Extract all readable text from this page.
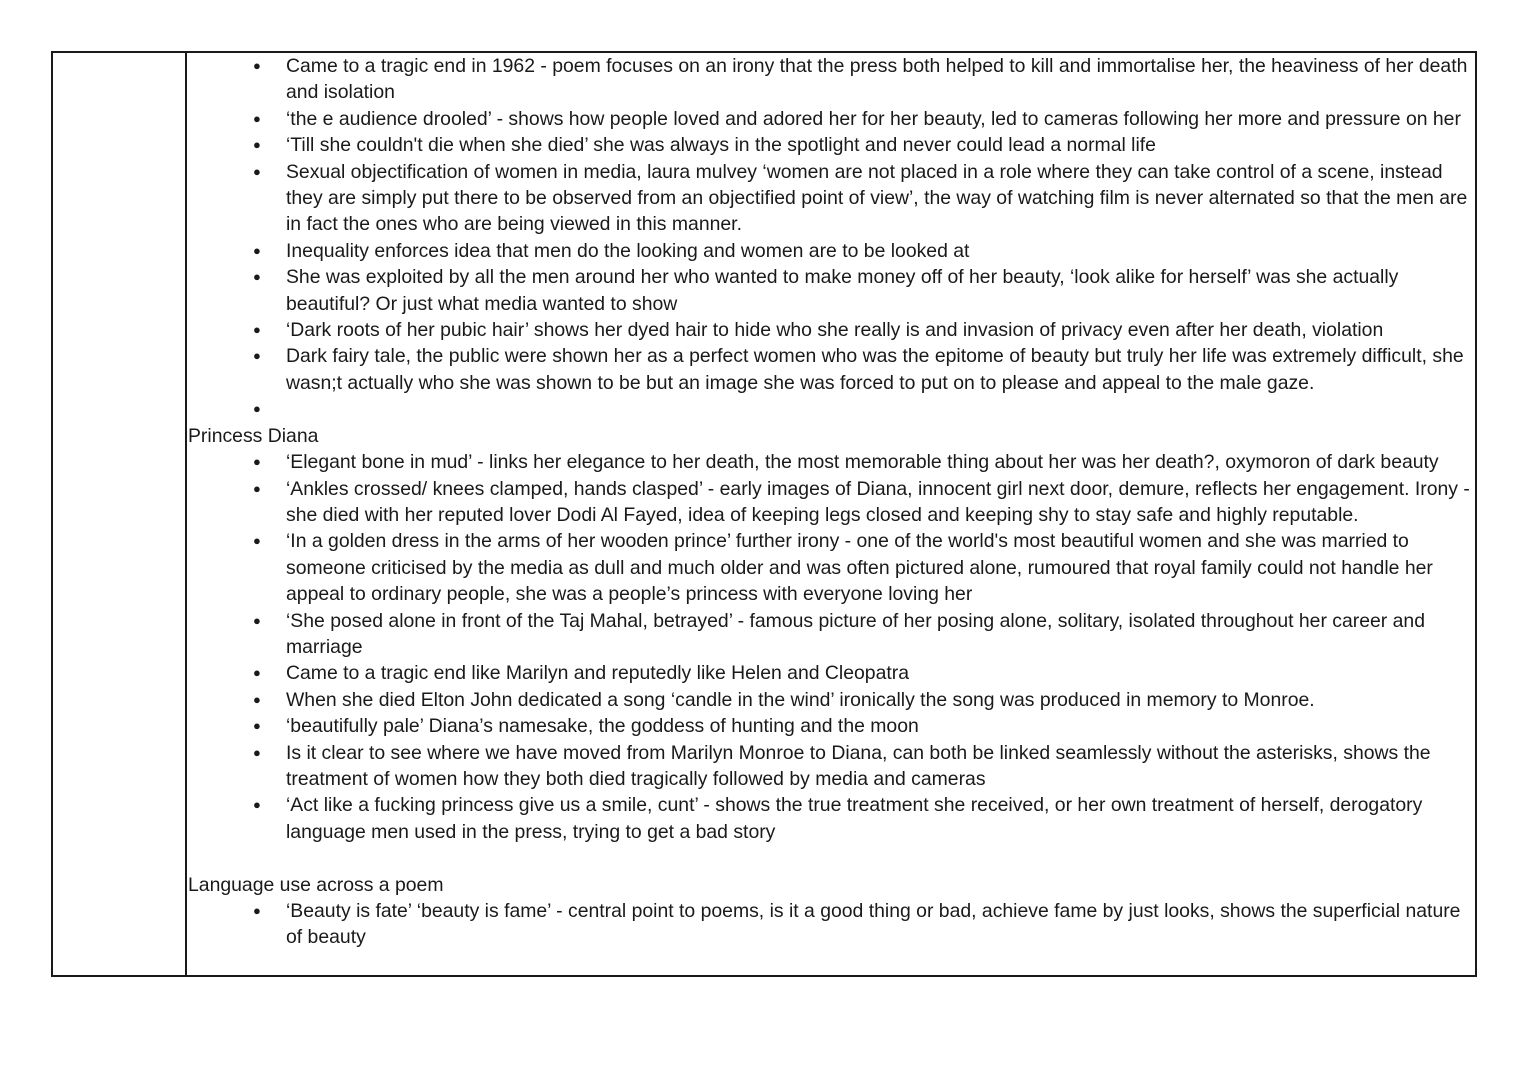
● Came to a tragic end in 1962 - poem focuses on an irony that the press both helped to kill and immortalise her, the heaviness of her death and isolation
● ‘the e audience drooled’ - shows how people loved and adored her for her beauty, led to cameras following her more and pressure on her
● ‘Till she couldn't die when she died’ she was always in the spotlight and never could lead a normal life
● Sexual objectification of women in media, laura mulvey ‘women are not placed in a role where they can take control of a scene, instead they are simply put there to be observed from an objectified point of view’, the way of watching film is never alternated so that the men are in fact the ones who are being viewed in this manner.
● Inequality enforces idea that men do the looking and women are to be looked at
● She was exploited by all the men around her who wanted to make money off of her beauty, ‘look alike for herself’ was she actually beautiful? Or just what media wanted to show
● ‘Dark roots of her pubic hair’ shows her dyed hair to hide who she really is and invasion of privacy even after her death, violation
● Dark fairy tale, the public were shown her as a perfect women who was the epitome of beauty but truly her life was extremely difficult, she wasn;t actually who she was shown to be but an image she was forced to put on to please and appeal to the male gaze.
●
Princess Diana
● ‘Elegant bone in mud’ - links her elegance to her death, the most memorable thing about her was her death?, oxymoron of dark beauty
● ‘Ankles crossed/ knees clamped, hands clasped’ - early images of Diana, innocent girl next door, demure, reflects her engagement. Irony - she died with her reputed lover Dodi Al Fayed, idea of keeping legs closed and keeping shy to stay safe and highly reputable.
● ‘In a golden dress in the arms of her wooden prince’ further irony - one of the world's most beautiful women and she was married to someone criticised by the media as dull and much older and was often pictured alone, rumoured that royal family could not handle her appeal to ordinary people, she was a people’s princess with everyone loving her
● ‘She posed alone in front of the Taj Mahal, betrayed’ - famous picture of her posing alone, solitary, isolated throughout her career and marriage
● Came to a tragic end like Marilyn and reputedly like Helen and Cleopatra
● When she died Elton John dedicated a song ‘candle in the wind’ ironically the song was produced in memory to Monroe.
● ‘beautifully pale’ Diana’s namesake, the goddess of hunting and the moon
● Is it clear to see where we have moved from Marilyn Monroe to Diana, can both be linked seamlessly without the asterisks, shows the treatment of women how they both died tragically followed by media and cameras
● ‘Act like a fucking princess give us a smile, cunt’ - shows the true treatment she received, or her own treatment of herself, derogatory language men used in the press, trying to get a bad story
Language use across a poem
● ‘Beauty is fate’ ‘beauty is fame’ - central point to poems, is it a good thing or bad, achieve fame by just looks, shows the superficial nature of beauty
